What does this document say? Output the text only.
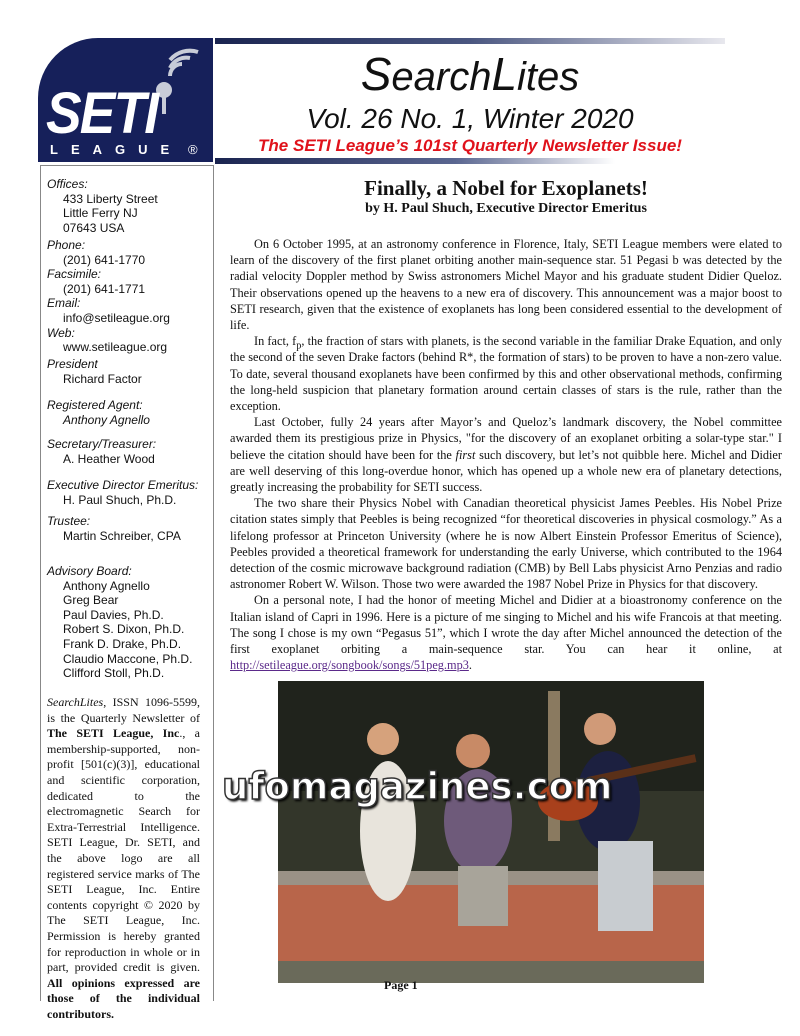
SETI
LEAGUE ®
SearchLites
Vol. 26 No. 1, Winter 2020
The SETI League’s 101st Quarterly Newsletter Issue!
Offices:
433 Liberty Street
Little Ferry NJ
07643 USA
Phone:
(201) 641-1770
Facsimile:
(201) 641-1771
Email:
info@setileague.org
Web:
www.setileague.org
President
Richard Factor
Registered Agent:
Anthony Agnello
Secretary/Treasurer:
A. Heather Wood
Executive Director Emeritus:
H. Paul Shuch, Ph.D.
Trustee:
Martin Schreiber, CPA
Advisory Board:
Anthony Agnello
Greg Bear
Paul Davies, Ph.D.
Robert S. Dixon, Ph.D.
Frank D. Drake, Ph.D.
Claudio Maccone, Ph.D.
Clifford Stoll, Ph.D.
SearchLites, ISSN 1096-5599, is the Quarterly Newsletter of The SETI League, Inc., a membership-supported, non-profit [501(c)(3)], educational and scientific corporation, dedicated to the electromagnetic Search for Extra-Terrestrial Intelligence. SETI League, Dr. SETI, and the above logo are all registered service marks of The SETI League, Inc. Entire contents copyright © 2020 by The SETI League, Inc. Permission is hereby granted for reproduction in whole or in part, provided credit is given. All opinions expressed are those of the individual contributors.
Finally, a Nobel for Exoplanets!
by H. Paul Shuch, Executive Director Emeritus

On 6 October 1995, at an astronomy conference in Florence, Italy, SETI League members were elated to learn of the discovery of the first planet orbiting another main-sequence star. 51 Pegasi b was detected by the radial velocity Doppler method by Swiss astronomers Michel Mayor and his graduate student Didier Queloz. Their observations opened up the heavens to a new era of discovery. This announcement was a major boost to SETI research, given that the existence of exoplanets has long been considered essential to the development of life.

In fact, $f_p$, the fraction of stars with planets, is the second variable in the familiar Drake Equation, and only the second of the seven Drake factors (behind R*, the formation of stars) to be proven to have a non-zero value. To date, several thousand exoplanets have been confirmed by this and other observational methods, confirming the long-held suspicion that planetary formation around certain classes of stars is the rule, rather than the exception.

Last October, fully 24 years after Mayor’s and Queloz’s landmark discovery, the Nobel committee awarded them its prestigious prize in Physics, "for the discovery of an exoplanet orbiting a solar-type star." I believe the citation should have been for the first such discovery, but let’s not quibble here. Michel and Didier are well deserving of this long-overdue honor, which has opened up a whole new era of planetary detections, greatly increasing the probability for SETI success.

The two share their Physics Nobel with Canadian theoretical physicist James Peebles. His Nobel Prize citation states simply that Peebles is being recognized “for theoretical discoveries in physical cosmology.” As a lifelong professor at Princeton University (where he is now Albert Einstein Professor Emeritus of Science), Peebles provided a theoretical framework for understanding the early Universe, which contributed to the 1964 detection of the cosmic microwave background radiation (CMB) by Bell Labs physicist Arno Penzias and radio astronomer Robert W. Wilson. Those two were awarded the 1987 Nobel Prize in Physics for that discovery.

On a personal note, I had the honor of meeting Michel and Didier at a bioastronomy conference on the Italian island of Capri in 1996. Here is a picture of me singing to Michel and his wife Francois at that meeting. The song I chose is my own “Pegasus 51”, which I wrote the day after Michel announced the detection of the first exoplanet orbiting a main-sequence star. You can hear it online, at http://setileague.org/songbook/songs/51peg.mp3.

ufomagazines.com
Page 1
